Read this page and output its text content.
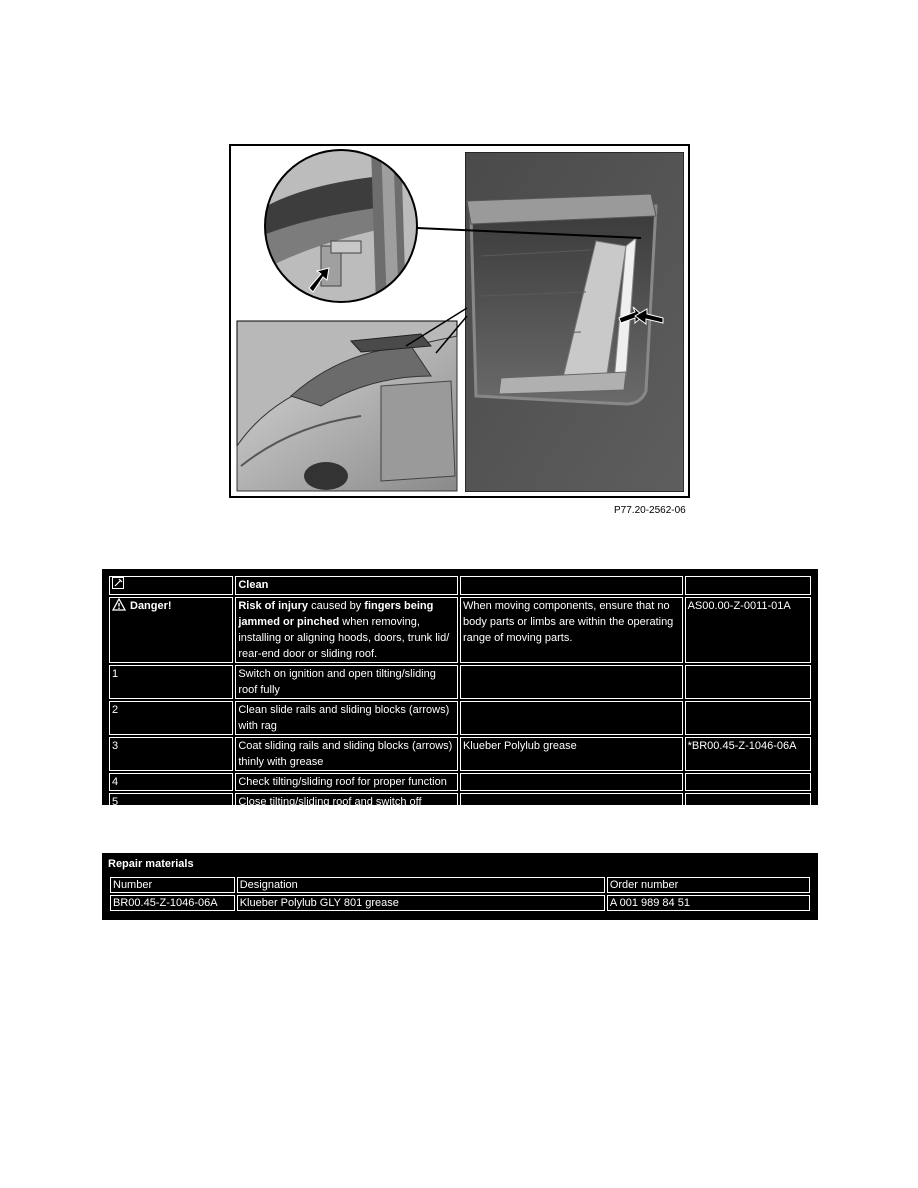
P77.20-2562-06
	Clean		
Danger!	Risk of injury caused by fingers being jammed or pinched when removing, installing or aligning hoods, doors, trunk lid/ rear-end door or sliding roof.	When moving components, ensure that no body parts or limbs are within the operating range of moving parts.	AS00.00-Z-0011-01A
1	Switch on ignition and open tilting/sliding roof fully		
2	Clean slide rails and sliding blocks (arrows) with rag		
3	Coat sliding rails and sliding blocks (arrows) thinly with grease	Klueber Polylub grease	*BR00.45-Z-1046-06A
4	Check tilting/sliding roof for proper function		
5	Close tilting/sliding roof and switch off ignition		
Repair materials
Number	Designation	Order number
BR00.45-Z-1046-06A	Klueber Polylub GLY 801 grease	A 001 989 84 51
